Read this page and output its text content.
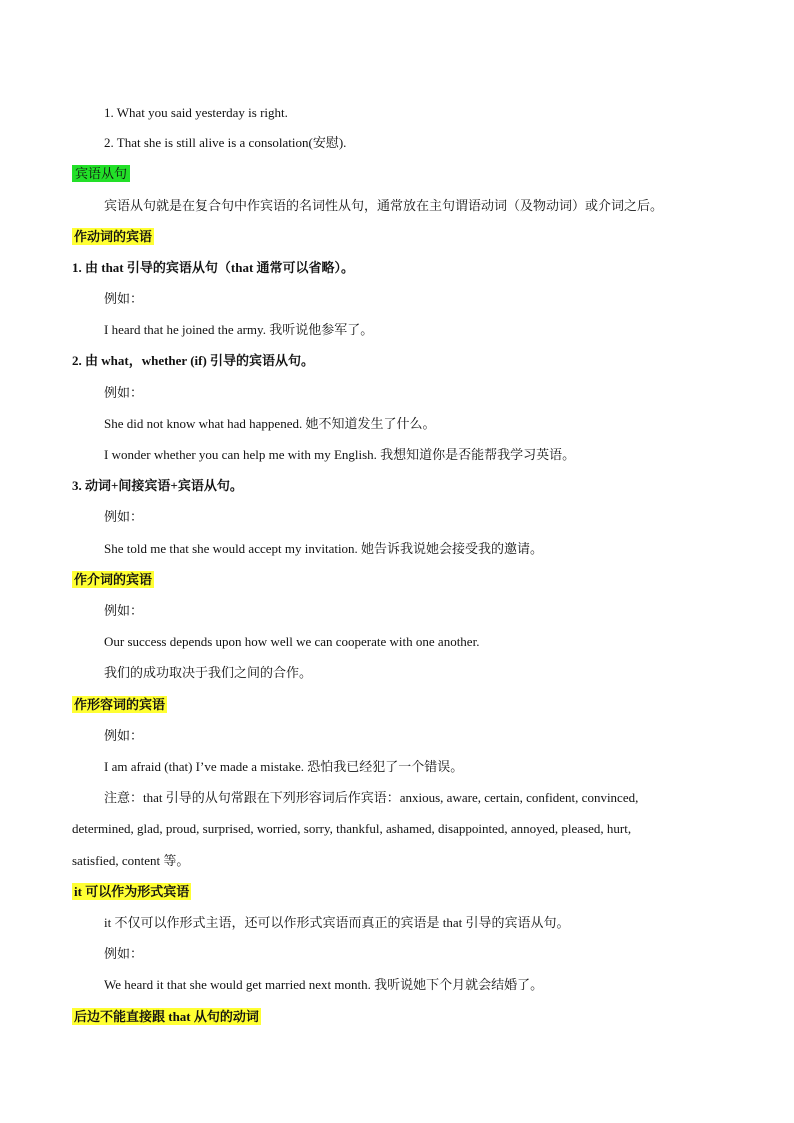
1. What you said yesterday is right.
2. That she is still alive is a consolation(安慰).
宾语从句
宾语从句就是在复合句中作宾语的名词性从句，通常放在主句谓语动词（及物动词）或介词之后。
作动词的宾语
1. 由 that 引导的宾语从句（that 通常可以省略）。
例如：
I heard that he joined the army. 我听说他参军了。
2. 由 what，whether (if) 引导的宾语从句。
例如：
She did not know what had happened. 她不知道发生了什么。
I wonder whether you can help me with my English. 我想知道你是否能帮我学习英语。
3. 动词+间接宾语+宾语从句。
例如：
She told me that she would accept my invitation. 她告诉我说她会接受我的邀请。
作介词的宾语
例如：
Our success depends upon how well we can cooperate with one another.
我们的成功取决于我们之间的合作。
作形容词的宾语
例如：
I am afraid (that) I’ve made a mistake. 恐怕我已经犯了一个错误。
注意：that 引导的从句常跟在下列形容词后作宾语：anxious, aware, certain, confident, convinced,
determined, glad, proud, surprised, worried, sorry, thankful, ashamed, disappointed, annoyed, pleased, hurt,
satisfied, content 等。
it 可以作为形式宾语
it 不仅可以作形式主语，还可以作形式宾语而真正的宾语是 that 引导的宾语从句。
例如：
We heard it that she would get married next month. 我听说她下个月就会结婚了。
后边不能直接跟 that 从句的动词
